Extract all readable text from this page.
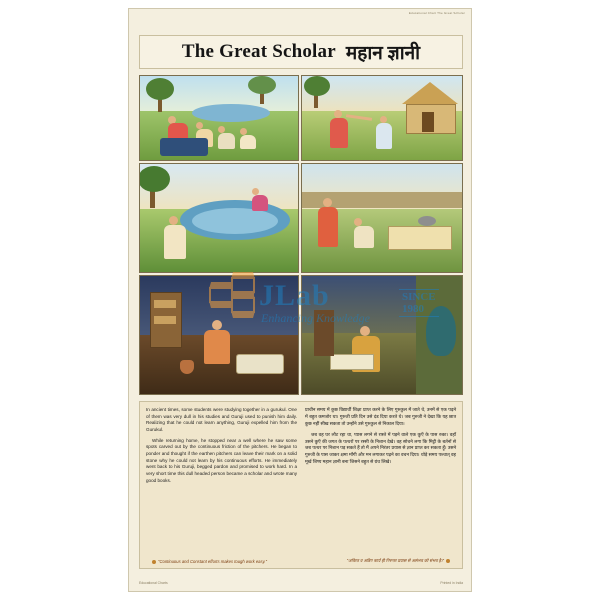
Educational Chart The Great Scholar
The Great Scholar महान ज्ञानी
JLab
Enhancing Knowledge
SINCE 1980

In ancient times, some students were studying together in a gurukul. One of them was very dull in his studies and Guruji used to punish him daily. Realizing that he could not learn anything, Guruji expelled him from the Gurukul.

While returning home, he stopped near a well where he saw some spots carved out by the continuous friction of the pitchers. He began to ponder and thought if the earthen pitchers can leave their mark on a solid stone why he could not learn by his continuous efforts. He immediately went back to his Guruji, begged pardon and promised to work hard. In a very short time this dull headed person became a scholar and wrote many good books.

प्राचीन समय में कुछ विद्यार्थी शिक्षा प्राप्त करने के लिए गुरुकुल में जाते थे, उनमें से एक पढ़ने में बहुत कमजोर था। गुरुजी प्रति दिन उसे दंड दिया करते थे। जब गुरुजी ने देखा कि यह छात्र कुछ नहीं सीख सकता तो उन्होंने उसे गुरुकुल से निकाल दिया।

जब वह घर लौट रहा था, प्यास लगने से रास्ते में पड़ने वाले एक कुएँ के पास रुका। वहाँ उसने कुएँ की जगत के पत्थरों पर रस्सी के निशान देखे। वह सोचने लगा कि मिट्टी के बर्तनों से जब पत्थर पर निशान पड़ सकते हैं तो मैं अपने निरंतर प्रयास से ज्ञान प्राप्त कर सकता हूँ। उसने गुरुजी के पास जाकर क्षमा माँगी और मन लगाकर पढ़ने का वचन दिया। थोड़े समय पश्चात् वह मूर्ख शिष्य महान ज्ञानी बना जिसने बहुत से ग्रंथ लिखे।

"Continuous and Constant efforts makes tough work easy."	"अविरत व अडिग कार्य ही निरन्तर प्रयास से असंभव को संभव है।"
Educational Charts	Printed in India
